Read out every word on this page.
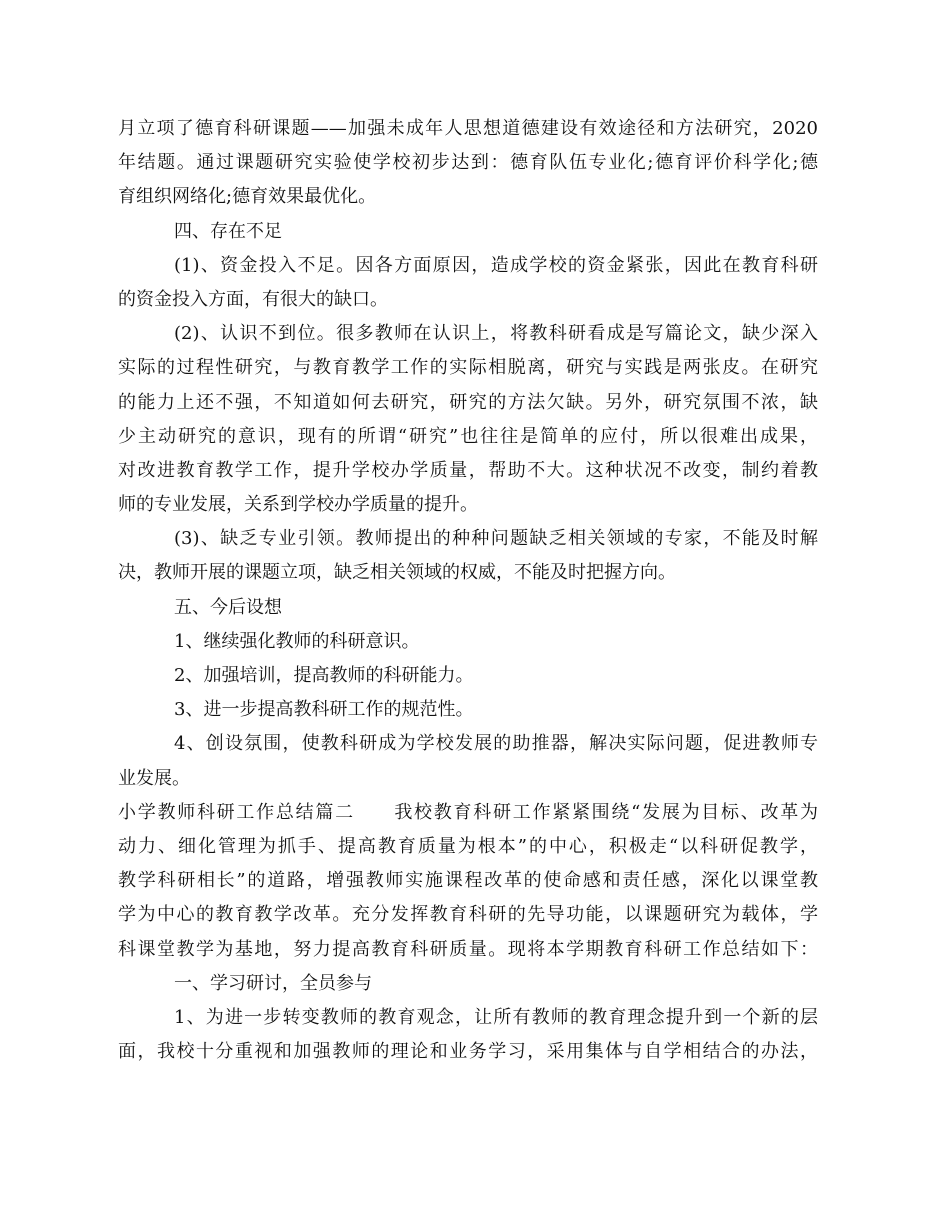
月立项了德育科研课题——加强未成年人思想道德建设有效途径和方法研究，2020
年结题。通过课题研究实验使学校初步达到：德育队伍专业化;德育评价科学化;德
育组织网络化;德育效果最优化。
四、存在不足
(1)、资金投入不足。因各方面原因，造成学校的资金紧张，因此在教育科研
的资金投入方面，有很大的缺口。
(2)、认识不到位。很多教师在认识上，将教科研看成是写篇论文，缺少深入
实际的过程性研究，与教育教学工作的实际相脱离，研究与实践是两张皮。在研究
的能力上还不强，不知道如何去研究，研究的方法欠缺。另外，研究氛围不浓，缺
少主动研究的意识，现有的所谓“研究”也往往是简单的应付，所以很难出成果，
对改进教育教学工作，提升学校办学质量，帮助不大。这种状况不改变，制约着教
师的专业发展，关系到学校办学质量的提升。
(3)、缺乏专业引领。教师提出的种种问题缺乏相关领域的专家，不能及时解
决，教师开展的课题立项，缺乏相关领域的权威，不能及时把握方向。
五、今后设想
1、继续强化教师的科研意识。
2、加强培训，提高教师的科研能力。
3、进一步提高教科研工作的规范性。
4、创设氛围，使教科研成为学校发展的助推器，解决实际问题，促进教师专
业发展。
小学教师科研工作总结篇二　　我校教育科研工作紧紧围绕“发展为目标、改革为
动力、细化管理为抓手、提高教育质量为根本”的中心，积极走“以科研促教学，
教学科研相长”的道路，增强教师实施课程改革的使命感和责任感，深化以课堂教
学为中心的教育教学改革。充分发挥教育科研的先导功能，以课题研究为载体，学
科课堂教学为基地，努力提高教育科研质量。现将本学期教育科研工作总结如下：
一、学习研讨，全员参与
1、为进一步转变教师的教育观念，让所有教师的教育理念提升到一个新的层
面，我校十分重视和加强教师的理论和业务学习，采用集体与自学相结合的办法，
